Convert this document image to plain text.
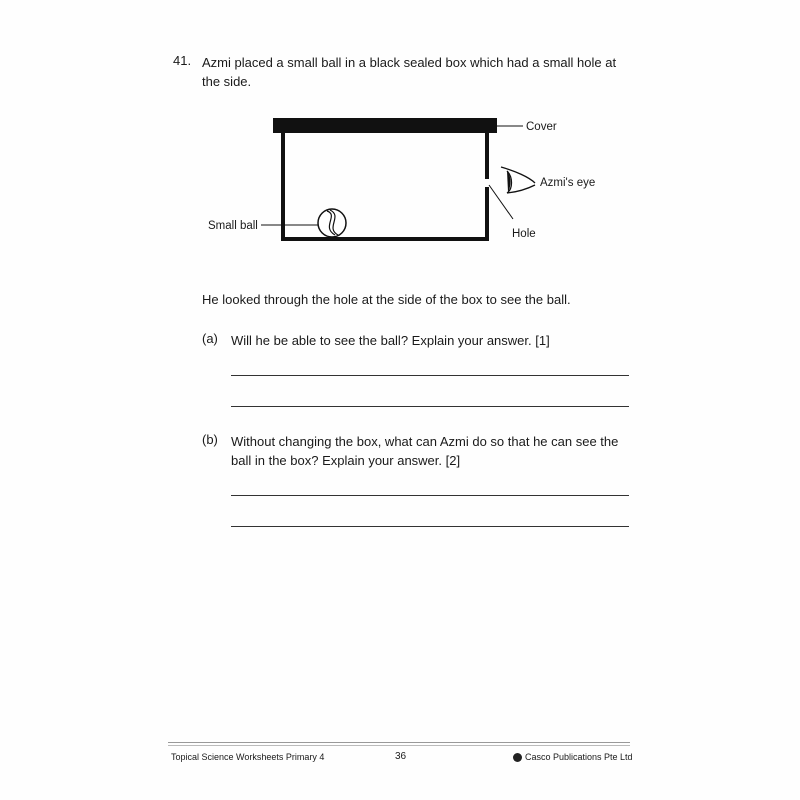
41. Azmi placed a small ball in a black sealed box which had a small hole at the side.
Cover
Azmi's eye
Small ball
Hole
He looked through the hole at the side of the box to see the ball.
(a) Will he be able to see the ball? Explain your answer. [1]
(b) Without changing the box, what can Azmi do so that he can see the ball in the box? Explain your answer. [2]
Topical Science Worksheets Primary 4	36	Casco Publications Pte Ltd
